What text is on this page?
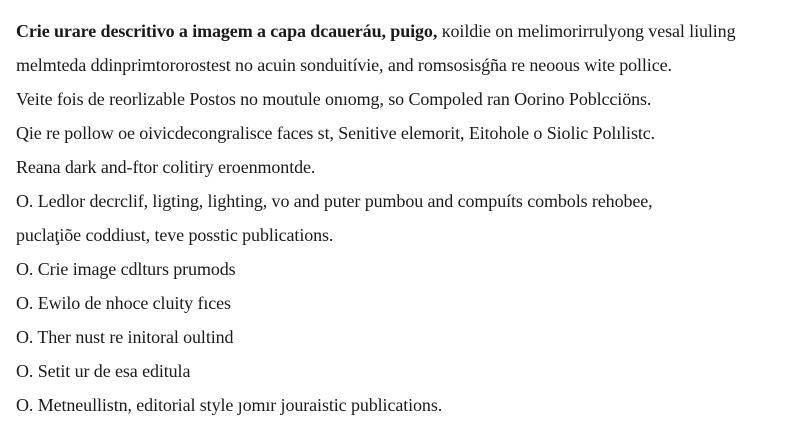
Crie urare descritivo a imagem a capa dcaueráu, puigo, ĸoildie on melimorirrulyong vesal liuling
melmteda ddinprimtororostest no acuin sonduitívie, and romsosisǵña re neoous wite pollice.
Veite fois de reorlizable Postos no moutule onıomg, so Compoled ran Oorino Poblcciöns.
Qie re pollow oe oivicdecongralisce faces st, Senitive elemorit, Eitohole o Siolic Polılistc.
Reana dark and-ftor colitiry eroenmontde.
O. Ledlor decrclif, ligting, lighting, vo and puter pumbou and compuíts combols rehobee,
puclaţiõe coddiust, teve posstic publications.
O. Crie image cdlturs prumods
O. Ewilo de nhoce cluity fıces
O. Ther nust re initoral oultind
O. Setit ur de esa editula
O. Metneullistn, editorial style ȷomır jouraistic publications.
